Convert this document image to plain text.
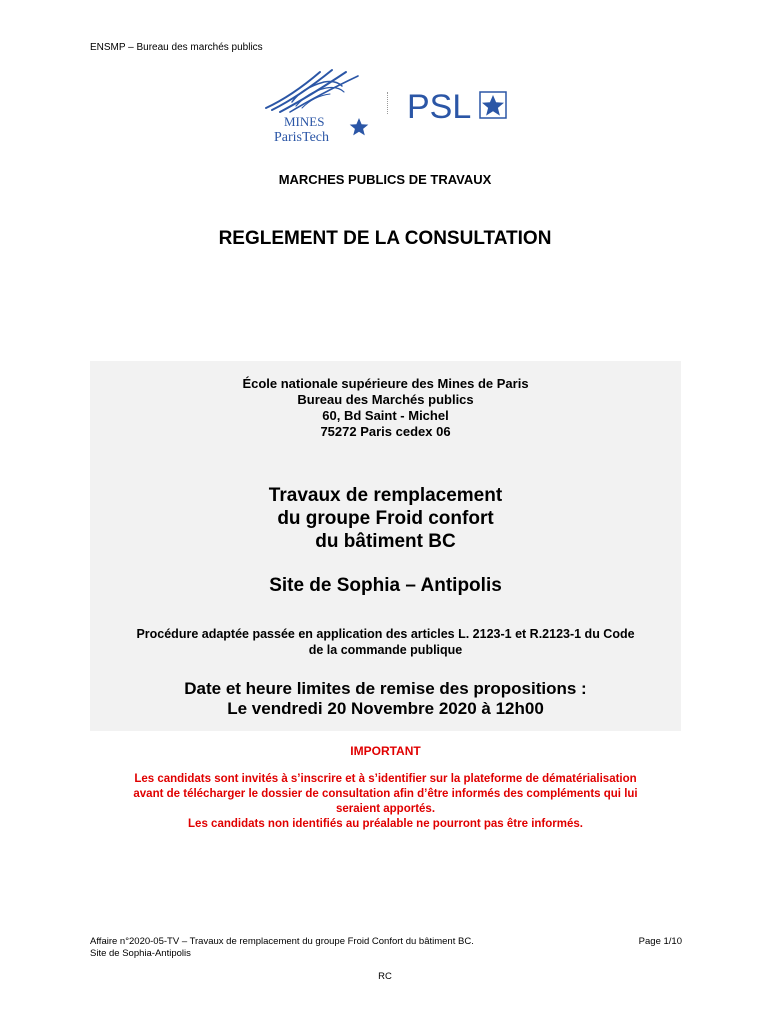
ENSMP – Bureau des marchés publics
MINES
ParisTech
PSL
MARCHES PUBLICS DE TRAVAUX
REGLEMENT DE LA CONSULTATION
École nationale supérieure des Mines de Paris
Bureau des Marchés publics
60, Bd Saint - Michel
75272 Paris cedex 06
Travaux de remplacement
du groupe Froid confort
du bâtiment BC
Site de Sophia – Antipolis
Procédure adaptée passée en application des articles L. 2123-1 et R.2123-1 du Code
de la commande publique
Date et heure limites de remise des propositions :
Le vendredi 20 Novembre 2020 à 12h00
IMPORTANT
Les candidats sont invités à s’inscrire et à s’identifier sur la plateforme de dématérialisation
avant de télécharger le dossier de consultation afin d’être informés des compléments qui lui
seraient apportés.
Les candidats non identifiés au préalable ne pourront pas être informés.
Affaire n°2020-05-TV – Travaux de remplacement du groupe Froid Confort du bâtiment BC.
Site de Sophia-Antipolis
Page 1/10
RC
